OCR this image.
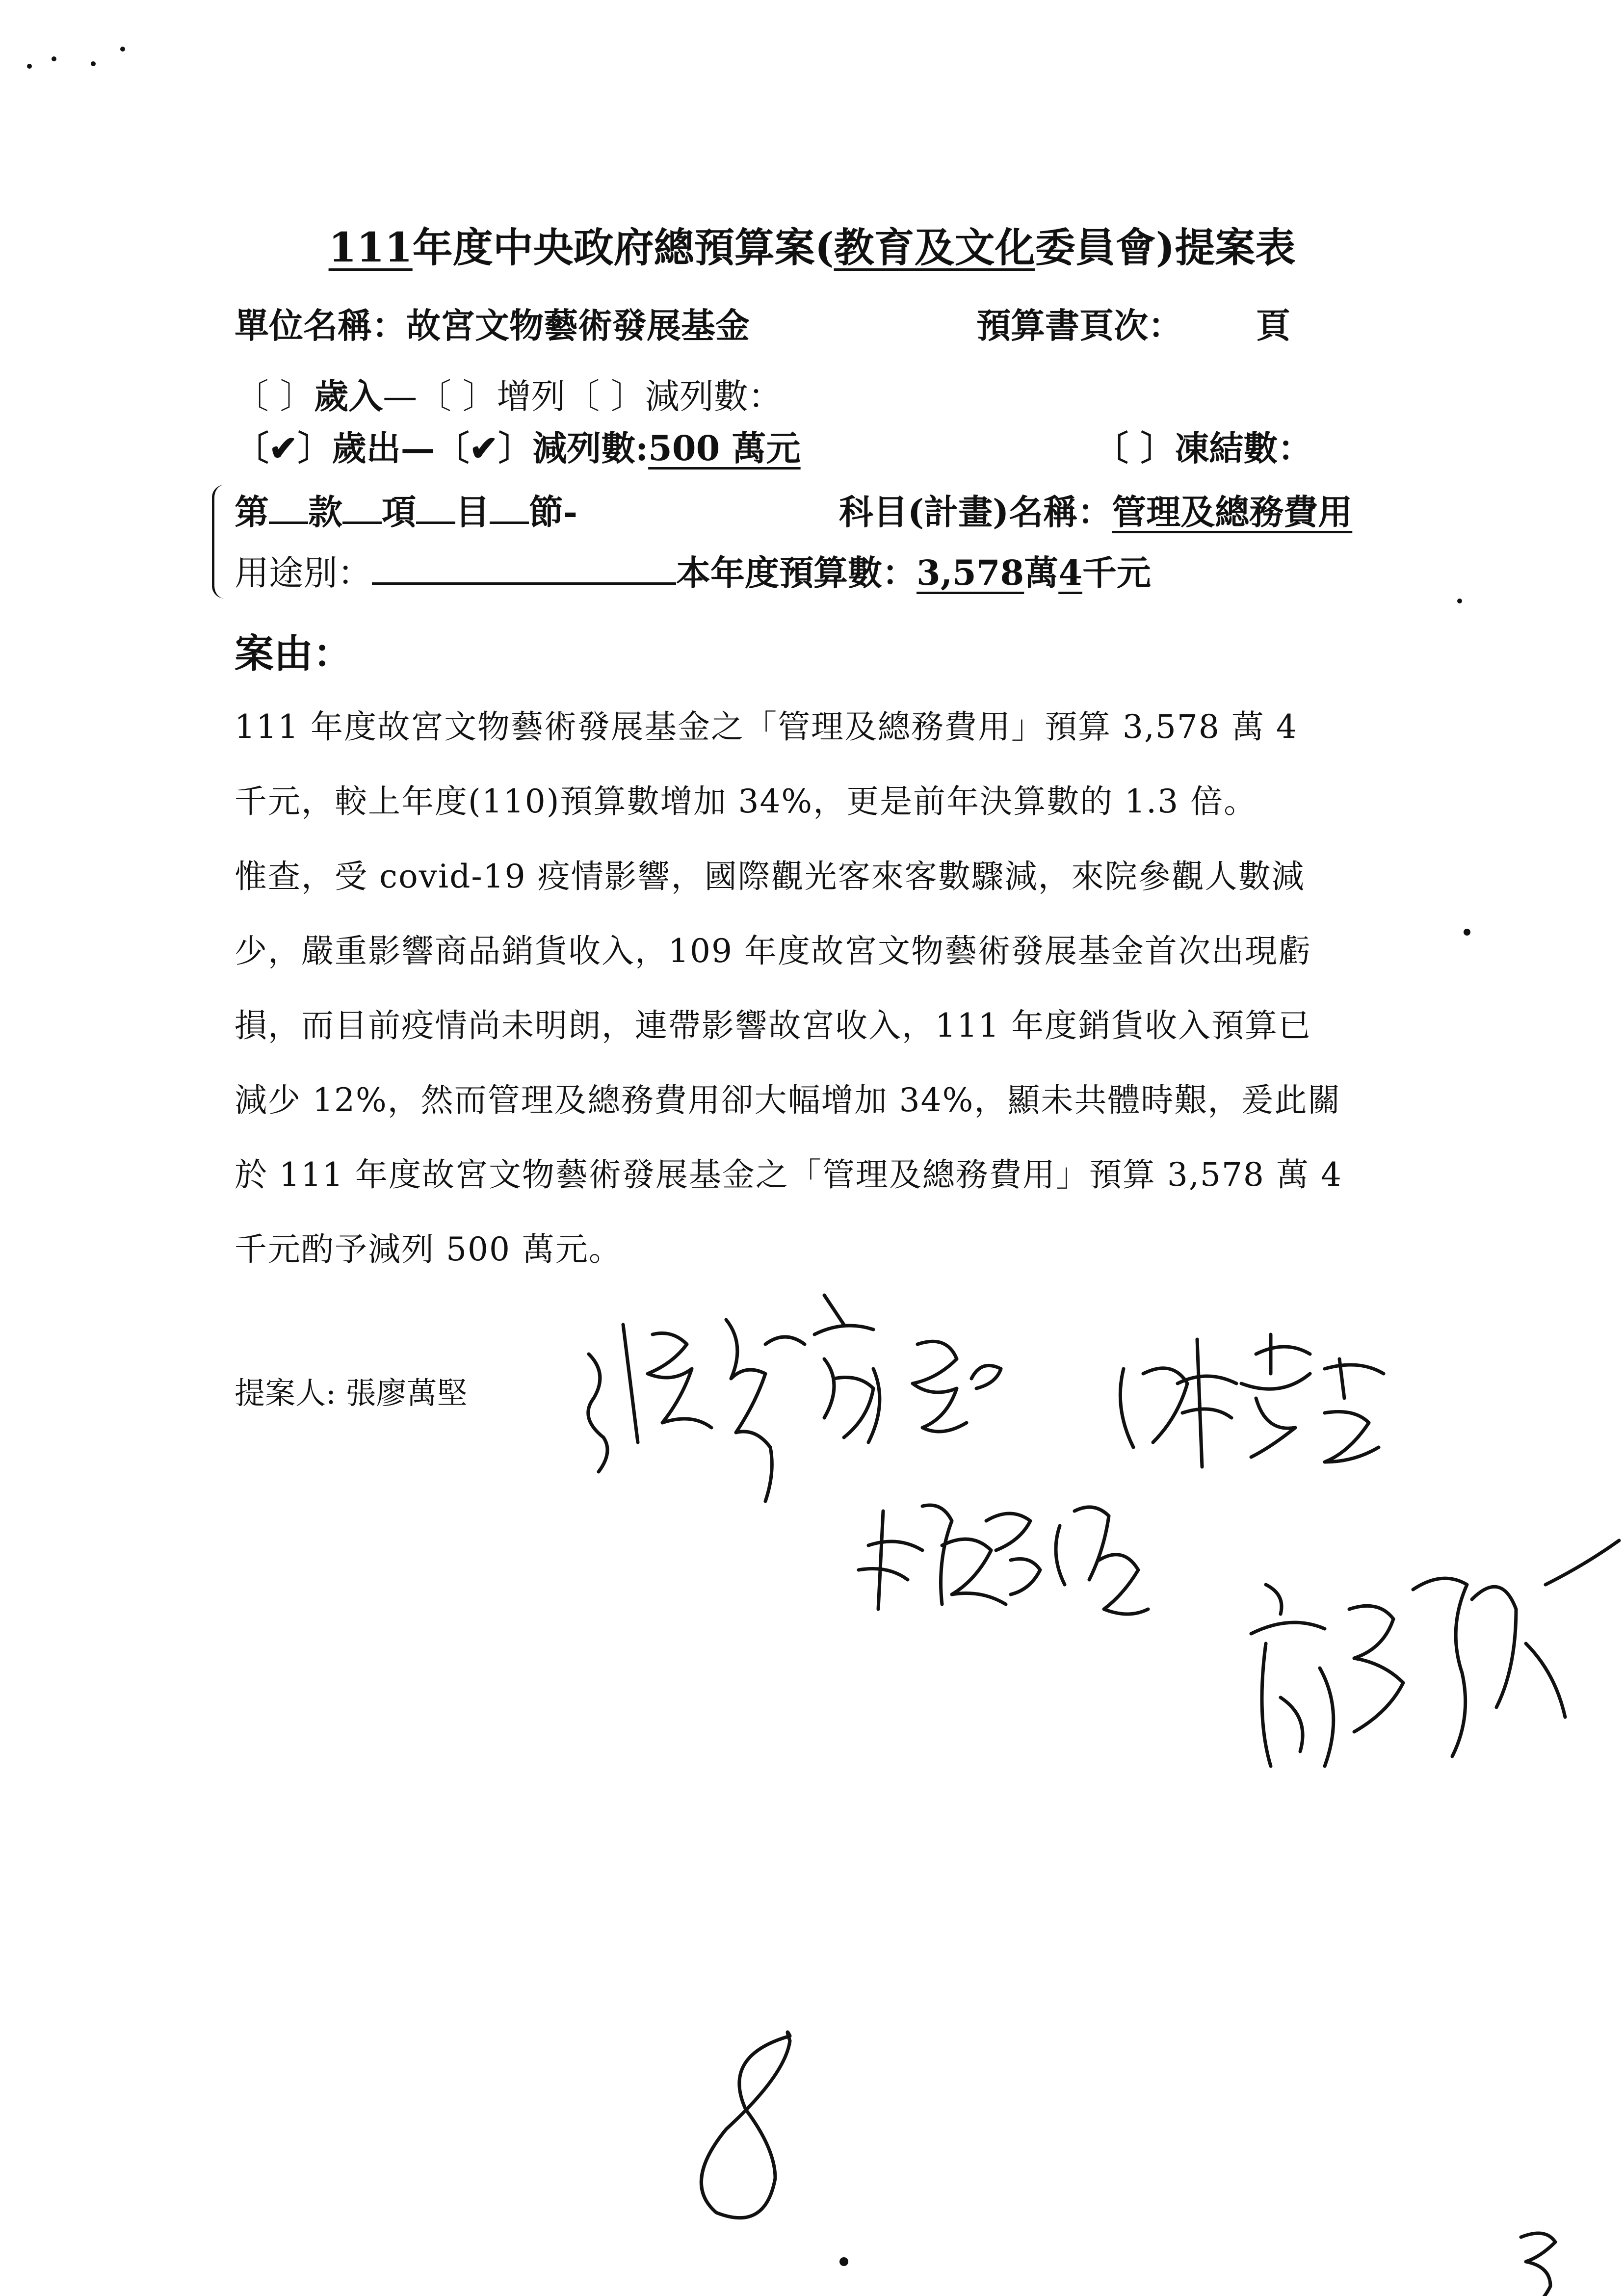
111年度中央政府總預算案(教育及文化委員會)提案表
單位名稱：故宮文物藝術發展基金	預算書頁次： 頁
〔 〕歲入—〔 〕增列〔 〕減列數：
〔✔〕歲出—〔✔〕減列數:500 萬元	〔 〕凍結數：
第 款 項 目 節-	科目(計畫)名稱：管理及總務費用
用途別：	本年度預算數：3,578萬4千元
案由：
111 年度故宮文物藝術發展基金之「管理及總務費用」預算 3,578 萬 4
千元，較上年度(110)預算數增加 34%，更是前年決算數的 1.3 倍。
惟查，受 covid-19 疫情影響，國際觀光客來客數驟減，來院參觀人數減
少，嚴重影響商品銷貨收入，109 年度故宮文物藝術發展基金首次出現虧
損，而目前疫情尚未明朗，連帶影響故宮收入，111 年度銷貨收入預算已
減少 12%，然而管理及總務費用卻大幅增加 34%，顯未共體時艱，爰此關
於 111 年度故宮文物藝術發展基金之「管理及總務費用」預算 3,578 萬 4
千元酌予減列 500 萬元。
提案人: 張廖萬堅
